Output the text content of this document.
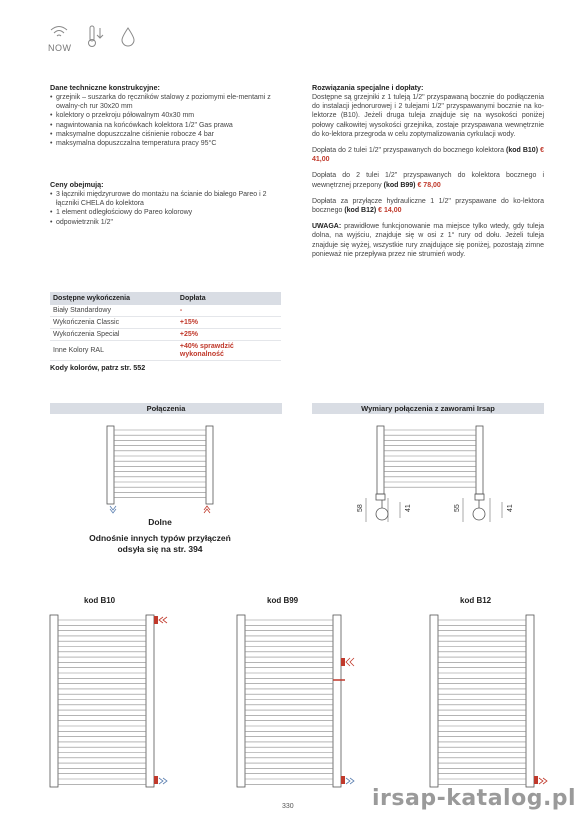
NOW
Dane techniczne konstrukcyjne:
• grzejnik – suszarka do ręczników stalowy z poziomymi ele-mentami z owalny-ch rur 30x20 mm
• kolektory o przekroju półowalnym 40x30 mm
• nagwintowania na końcówkach kolektora 1/2" Gas prawa
• maksymalne dopuszczalne ciśnienie robocze 4 bar
• maksymalna dopuszczalna temperatura pracy 95°C
Ceny obejmują:
• 3 łączniki międzyrurowe do montażu na ścianie do białego Pareo i 2 łączniki CHELA do kolektora
• 1 element odległościowy do Pareo kolorowy
• odpowietrznik 1/2"
Dostępne wykończenia	Dopłata
Biały Standardowy	-
Wykończenia Classic	+15%
Wykończenia Special	+25%
Inne Kolory RAL	+40% sprawdzić wykonalność
Kody kolorów, patrz str. 552
Rozwiązania specjalne i dopłaty:

Dostępne są grzejniki z 1 tuleją 1/2" przyspawaną bocznie do podłączenia do instalacji jednorurowej i 2 tulejami 1/2" przyspawanymi bocznie na ko-lektorze (B10). Jeżeli druga tuleja znajduje się na wysokości poniżej połowy całkowitej wysokości grzejnika, zostaje przyspawana wewnętrznie do ko-lektora przegroda w celu zoptymalizowania cyrkulacji wody.

Dopłata do 2 tulei 1/2" przyspawanych do bocznego kolektora (kod B10) € 41,00

Dopłata do 2 tulei 1/2" przyspawanych do kolektora bocznego i wewnętrznej przepony (kod B99) € 78,00

Dopłata za przyłącze hydrauliczne 1 1/2" przyspawane do ko-lektora bocznego (kod B12) € 14,00

UWAGA: prawidłowe funkcjonowanie ma miejsce tylko wtedy, gdy tuleja dolna, na wyjściu, znajduje się w osi z 1° rury od dołu. Jeżeli tuleja znajduje się wyżej, wszystkie rury znajdujące się poniżej, pozostają zimne ponieważ nie przepływa przez nie strumień wody.

Połączenia
Dolne
Odnośnie innych typów przyłączeń odsyła się na str. 394
Wymiary połączenia z zaworami Irsap
58	41	55	41
kod B10	kod B99	kod B12
330	irsap-katalog.pl
